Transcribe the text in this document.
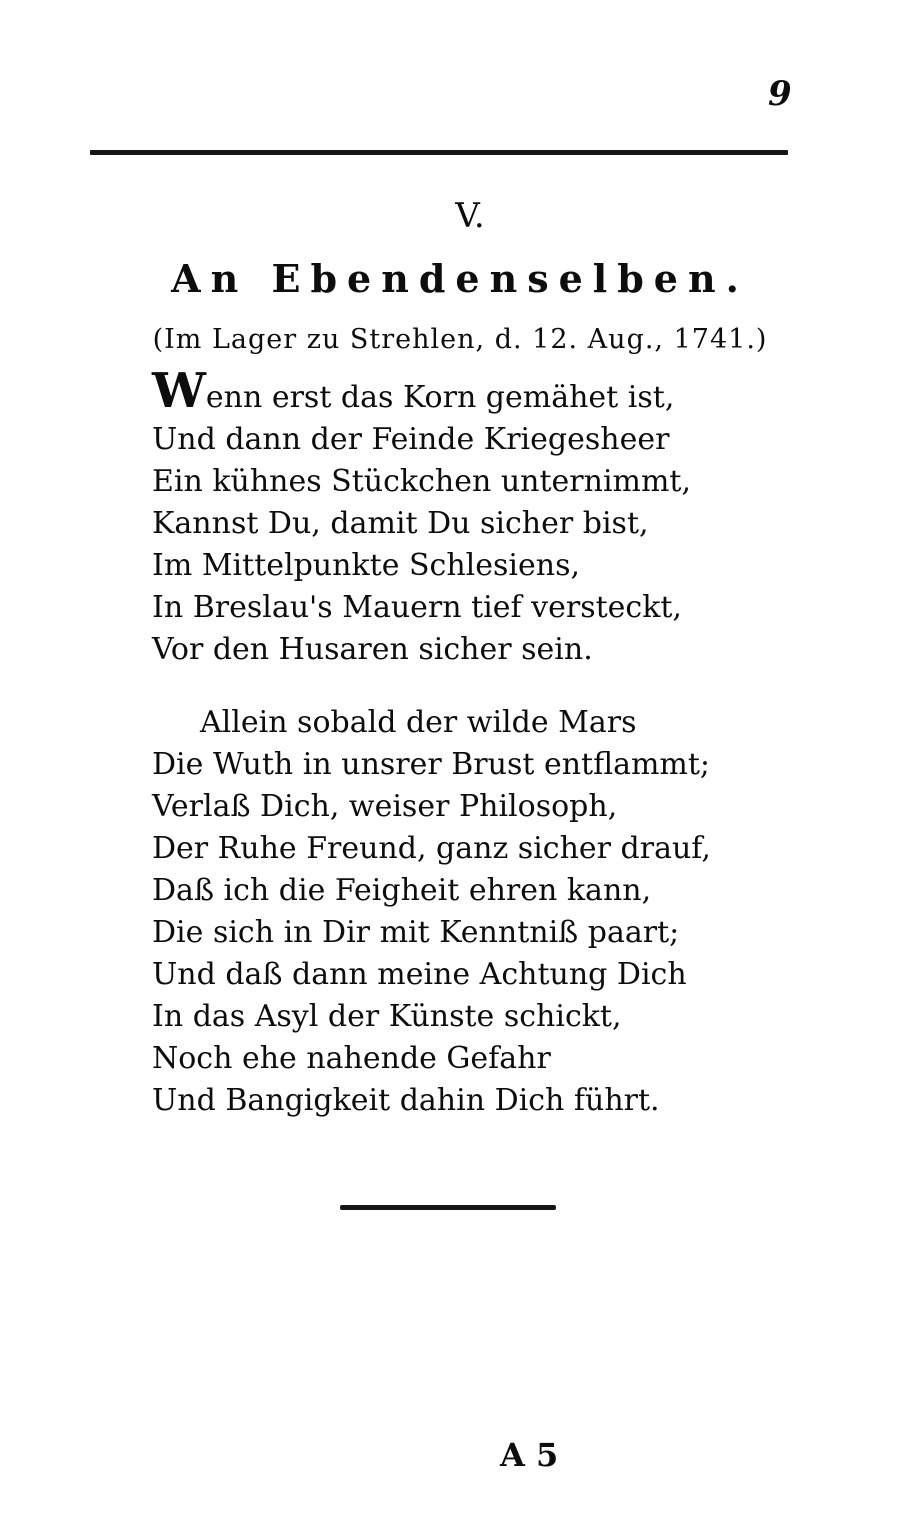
9
V.
An Ebendenselben.
(Im Lager zu Strehlen, d. 12. Aug., 1741.)
Wenn erst das Korn gemähet ist,
Und dann der Feinde Kriegesheer
Ein kühnes Stückchen unternimmt,
Kannst Du, damit Du sicher bist,
Im Mittelpunkte Schlesiens,
In Breslau's Mauern tief versteckt,
Vor den Husaren sicher sein.
Allein sobald der wilde Mars
Die Wuth in unsrer Brust entflammt;
Verlaß Dich, weiser Philosoph,
Der Ruhe Freund, ganz sicher drauf,
Daß ich die Feigheit ehren kann,
Die sich in Dir mit Kenntniß paart;
Und daß dann meine Achtung Dich
In das Asyl der Künste schickt,
Noch ehe nahende Gefahr
Und Bangigkeit dahin Dich führt.
A 5
